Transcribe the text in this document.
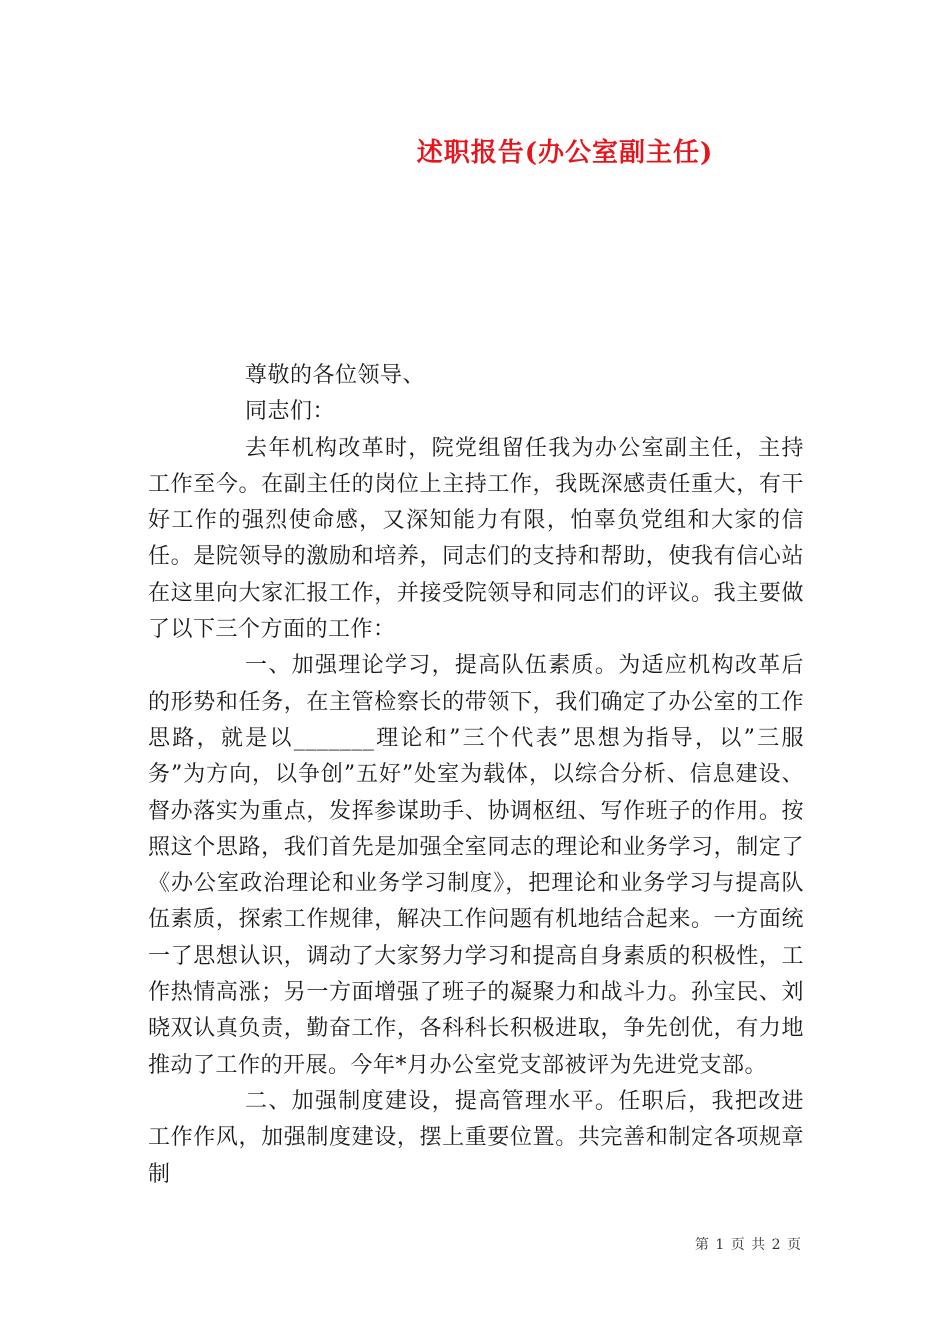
述职报告(办公室副主任)

尊敬的各位领导、

同志们：

去年机构改革时，院党组留任我为办公室副主任，主持工作至今。在副主任的岗位上主持工作，我既深感责任重大，有干好工作的强烈使命感，又深知能力有限，怕辜负党组和大家的信任。是院领导的激励和培养，同志们的支持和帮助，使我有信心站在这里向大家汇报工作，并接受院领导和同志们的评议。我主要做了以下三个方面的工作：

一、加强理论学习，提高队伍素质。为适应机构改革后的形势和任务，在主管检察长的带领下，我们确定了办公室的工作思路，就是以_______理论和”三个代表”思想为指导，以”三服务”为方向，以争创”五好”处室为载体，以综合分析、信息建设、督办落实为重点，发挥参谋助手、协调枢纽、写作班子的作用。按照这个思路，我们首先是加强全室同志的理论和业务学习，制定了《办公室政治理论和业务学习制度》，把理论和业务学习与提高队伍素质，探索工作规律，解决工作问题有机地结合起来。一方面统一了思想认识，调动了大家努力学习和提高自身素质的积极性，工作热情高涨；另一方面增强了班子的凝聚力和战斗力。孙宝民、刘晓双认真负责，勤奋工作，各科科长积极进取，争先创优，有力地推动了工作的开展。今年*月办公室党支部被评为先进党支部。

二、加强制度建设，提高管理水平。任职后，我把改进工作作风，加强制度建设，摆上重要位置。共完善和制定各项规章制

第 1 页 共 2 页
